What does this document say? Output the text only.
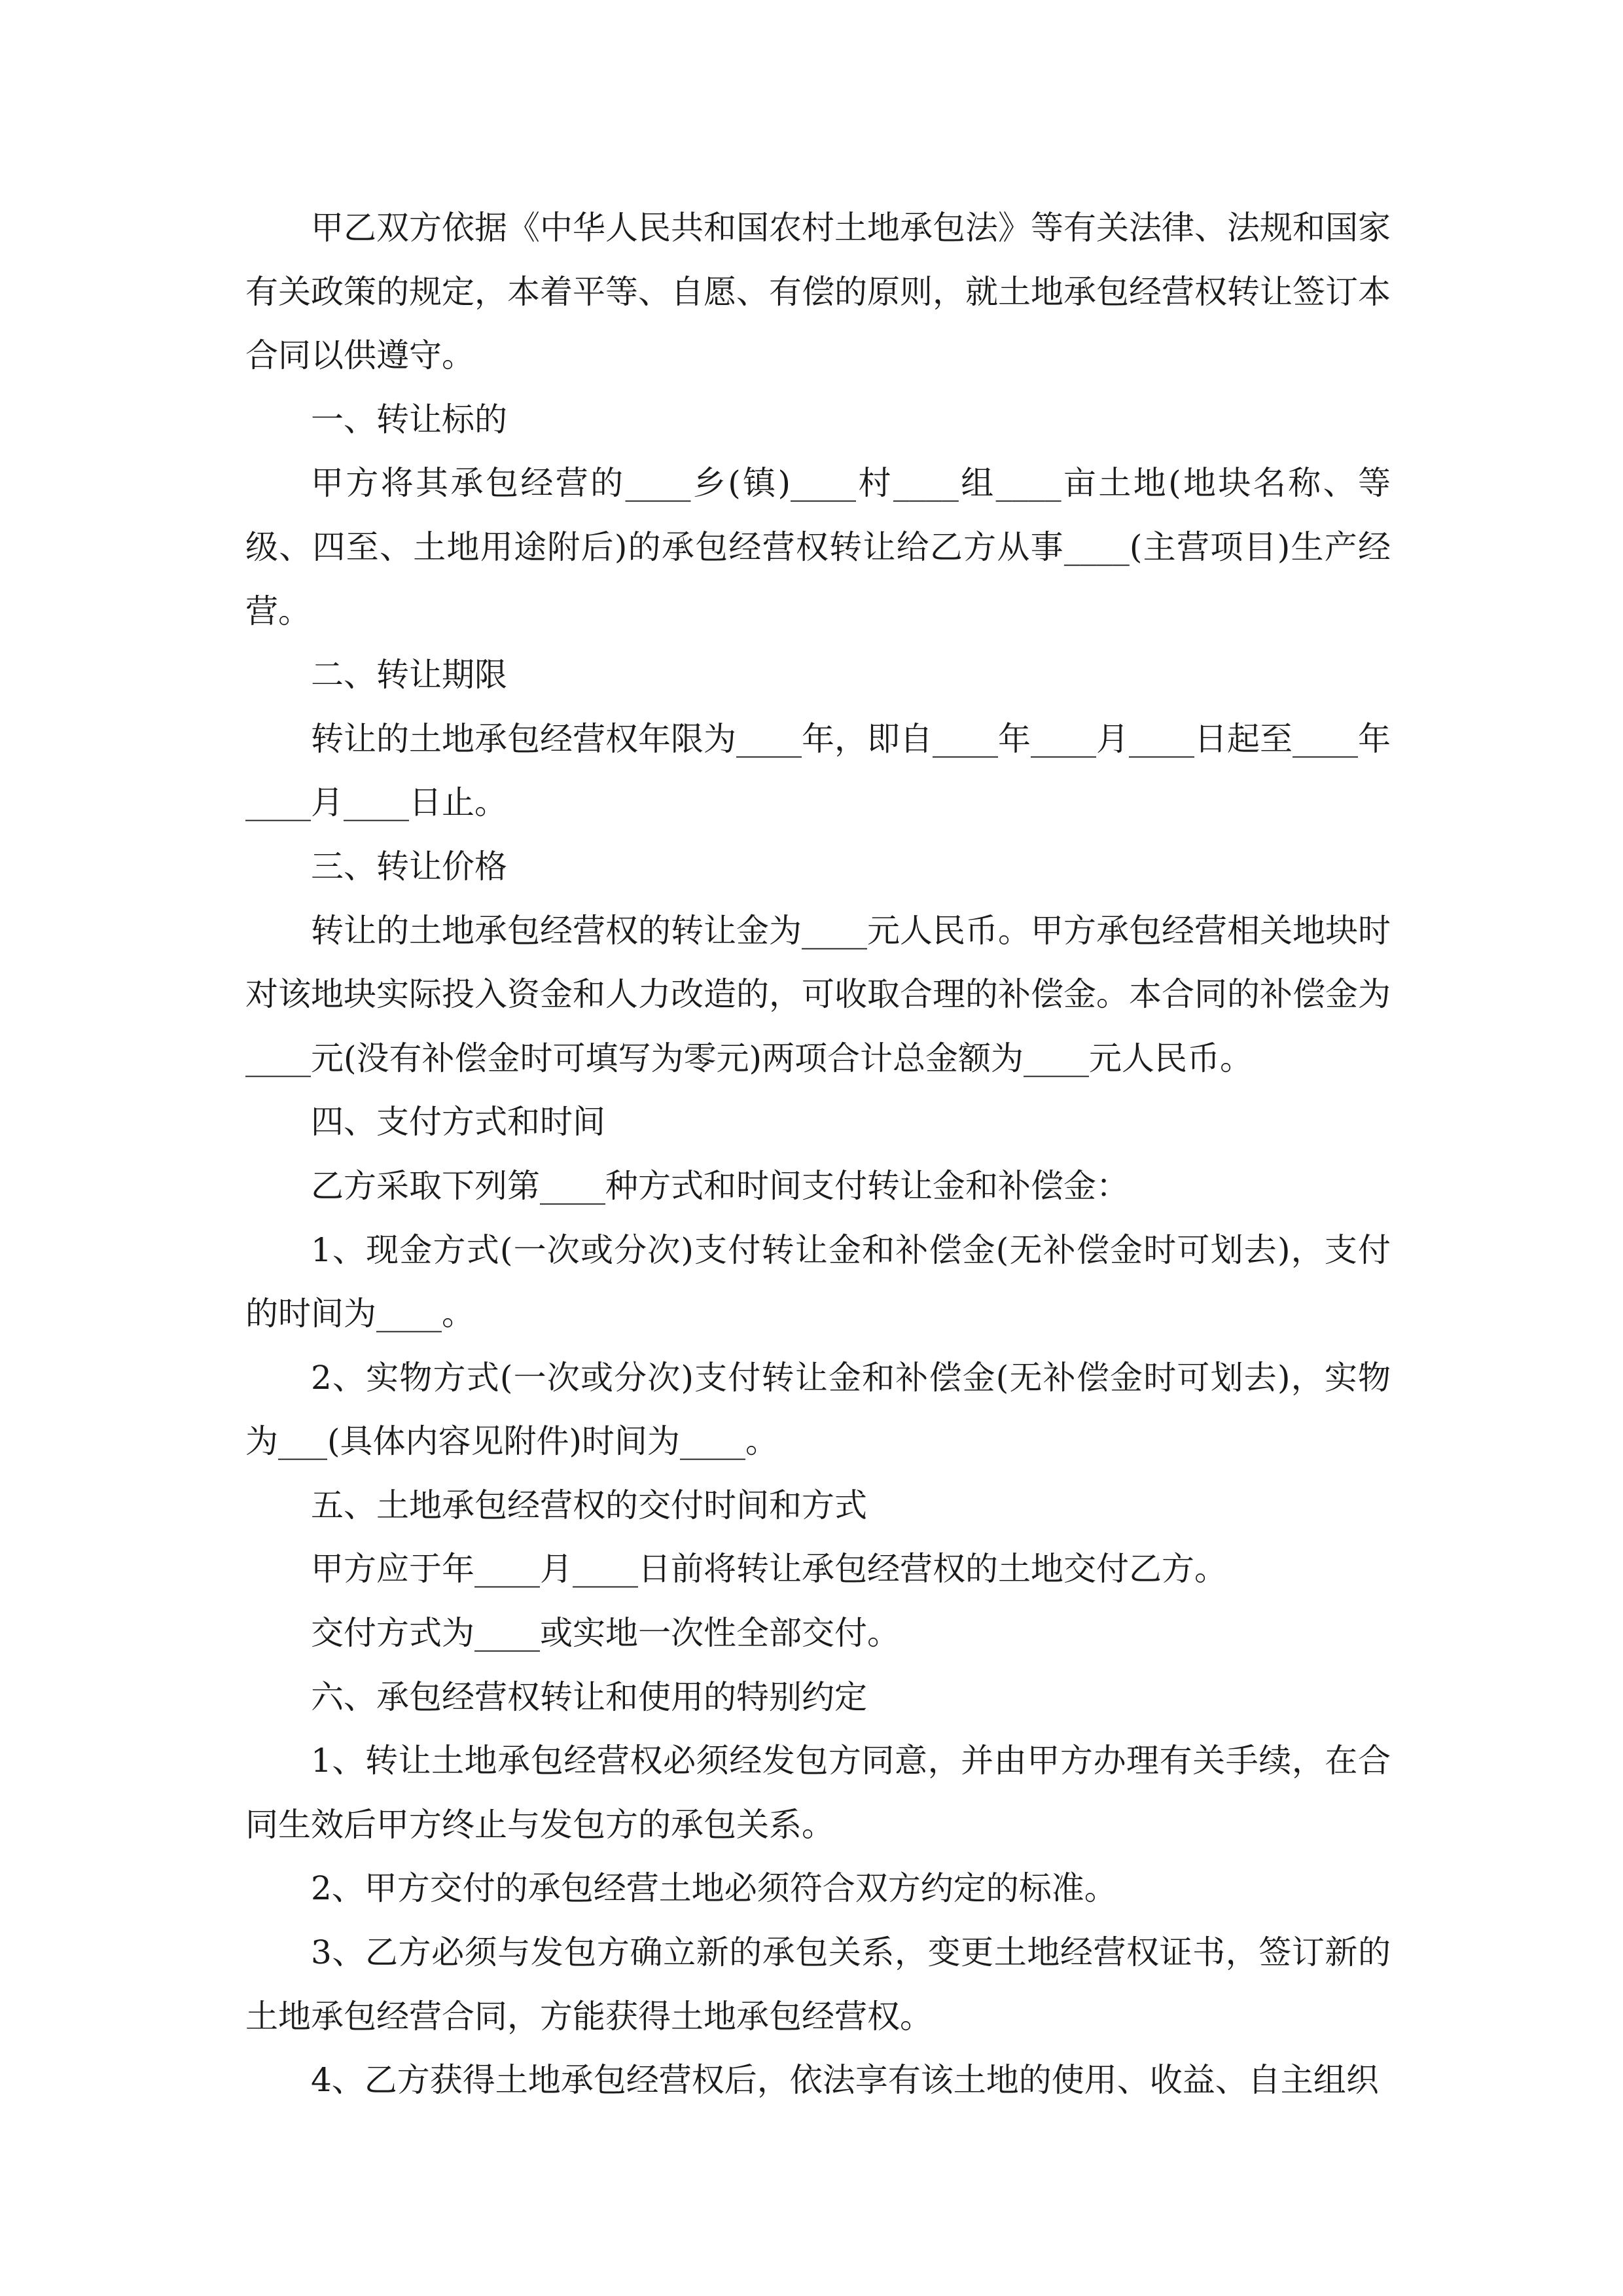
甲乙双方依据《中华人民共和国农村土地承包法》等有关法律、法规和国家有关政策的规定，本着平等、自愿、有偿的原则，就土地承包经营权转让签订本合同以供遵守。

一、转让标的

甲方将其承包经营的____乡(镇)____村____组____亩土地(地块名称、等级、四至、土地用途附后)的承包经营权转让给乙方从事____(主营项目)生产经营。

二、转让期限

转让的土地承包经营权年限为____年，即自____年____月____日起至____年____月____日止。

三、转让价格

转让的土地承包经营权的转让金为____元人民币。甲方承包经营相关地块时对该地块实际投入资金和人力改造的，可收取合理的补偿金。本合同的补偿金为____元(没有补偿金时可填写为零元)两项合计总金额为____元人民币。

四、支付方式和时间

乙方采取下列第____种方式和时间支付转让金和补偿金：

1、现金方式(一次或分次)支付转让金和补偿金(无补偿金时可划去)，支付的时间为____。

2、实物方式(一次或分次)支付转让金和补偿金(无补偿金时可划去)，实物为___(具体内容见附件)时间为____。

五、土地承包经营权的交付时间和方式

甲方应于年____月____日前将转让承包经营权的土地交付乙方。

交付方式为____或实地一次性全部交付。

六、承包经营权转让和使用的特别约定

1、转让土地承包经营权必须经发包方同意，并由甲方办理有关手续，在合同生效后甲方终止与发包方的承包关系。

2、甲方交付的承包经营土地必须符合双方约定的标准。

3、乙方必须与发包方确立新的承包关系，变更土地经营权证书，签订新的土地承包经营合同，方能获得土地承包经营权。

4、乙方获得土地承包经营权后，依法享有该土地的使用、收益、自主组织
